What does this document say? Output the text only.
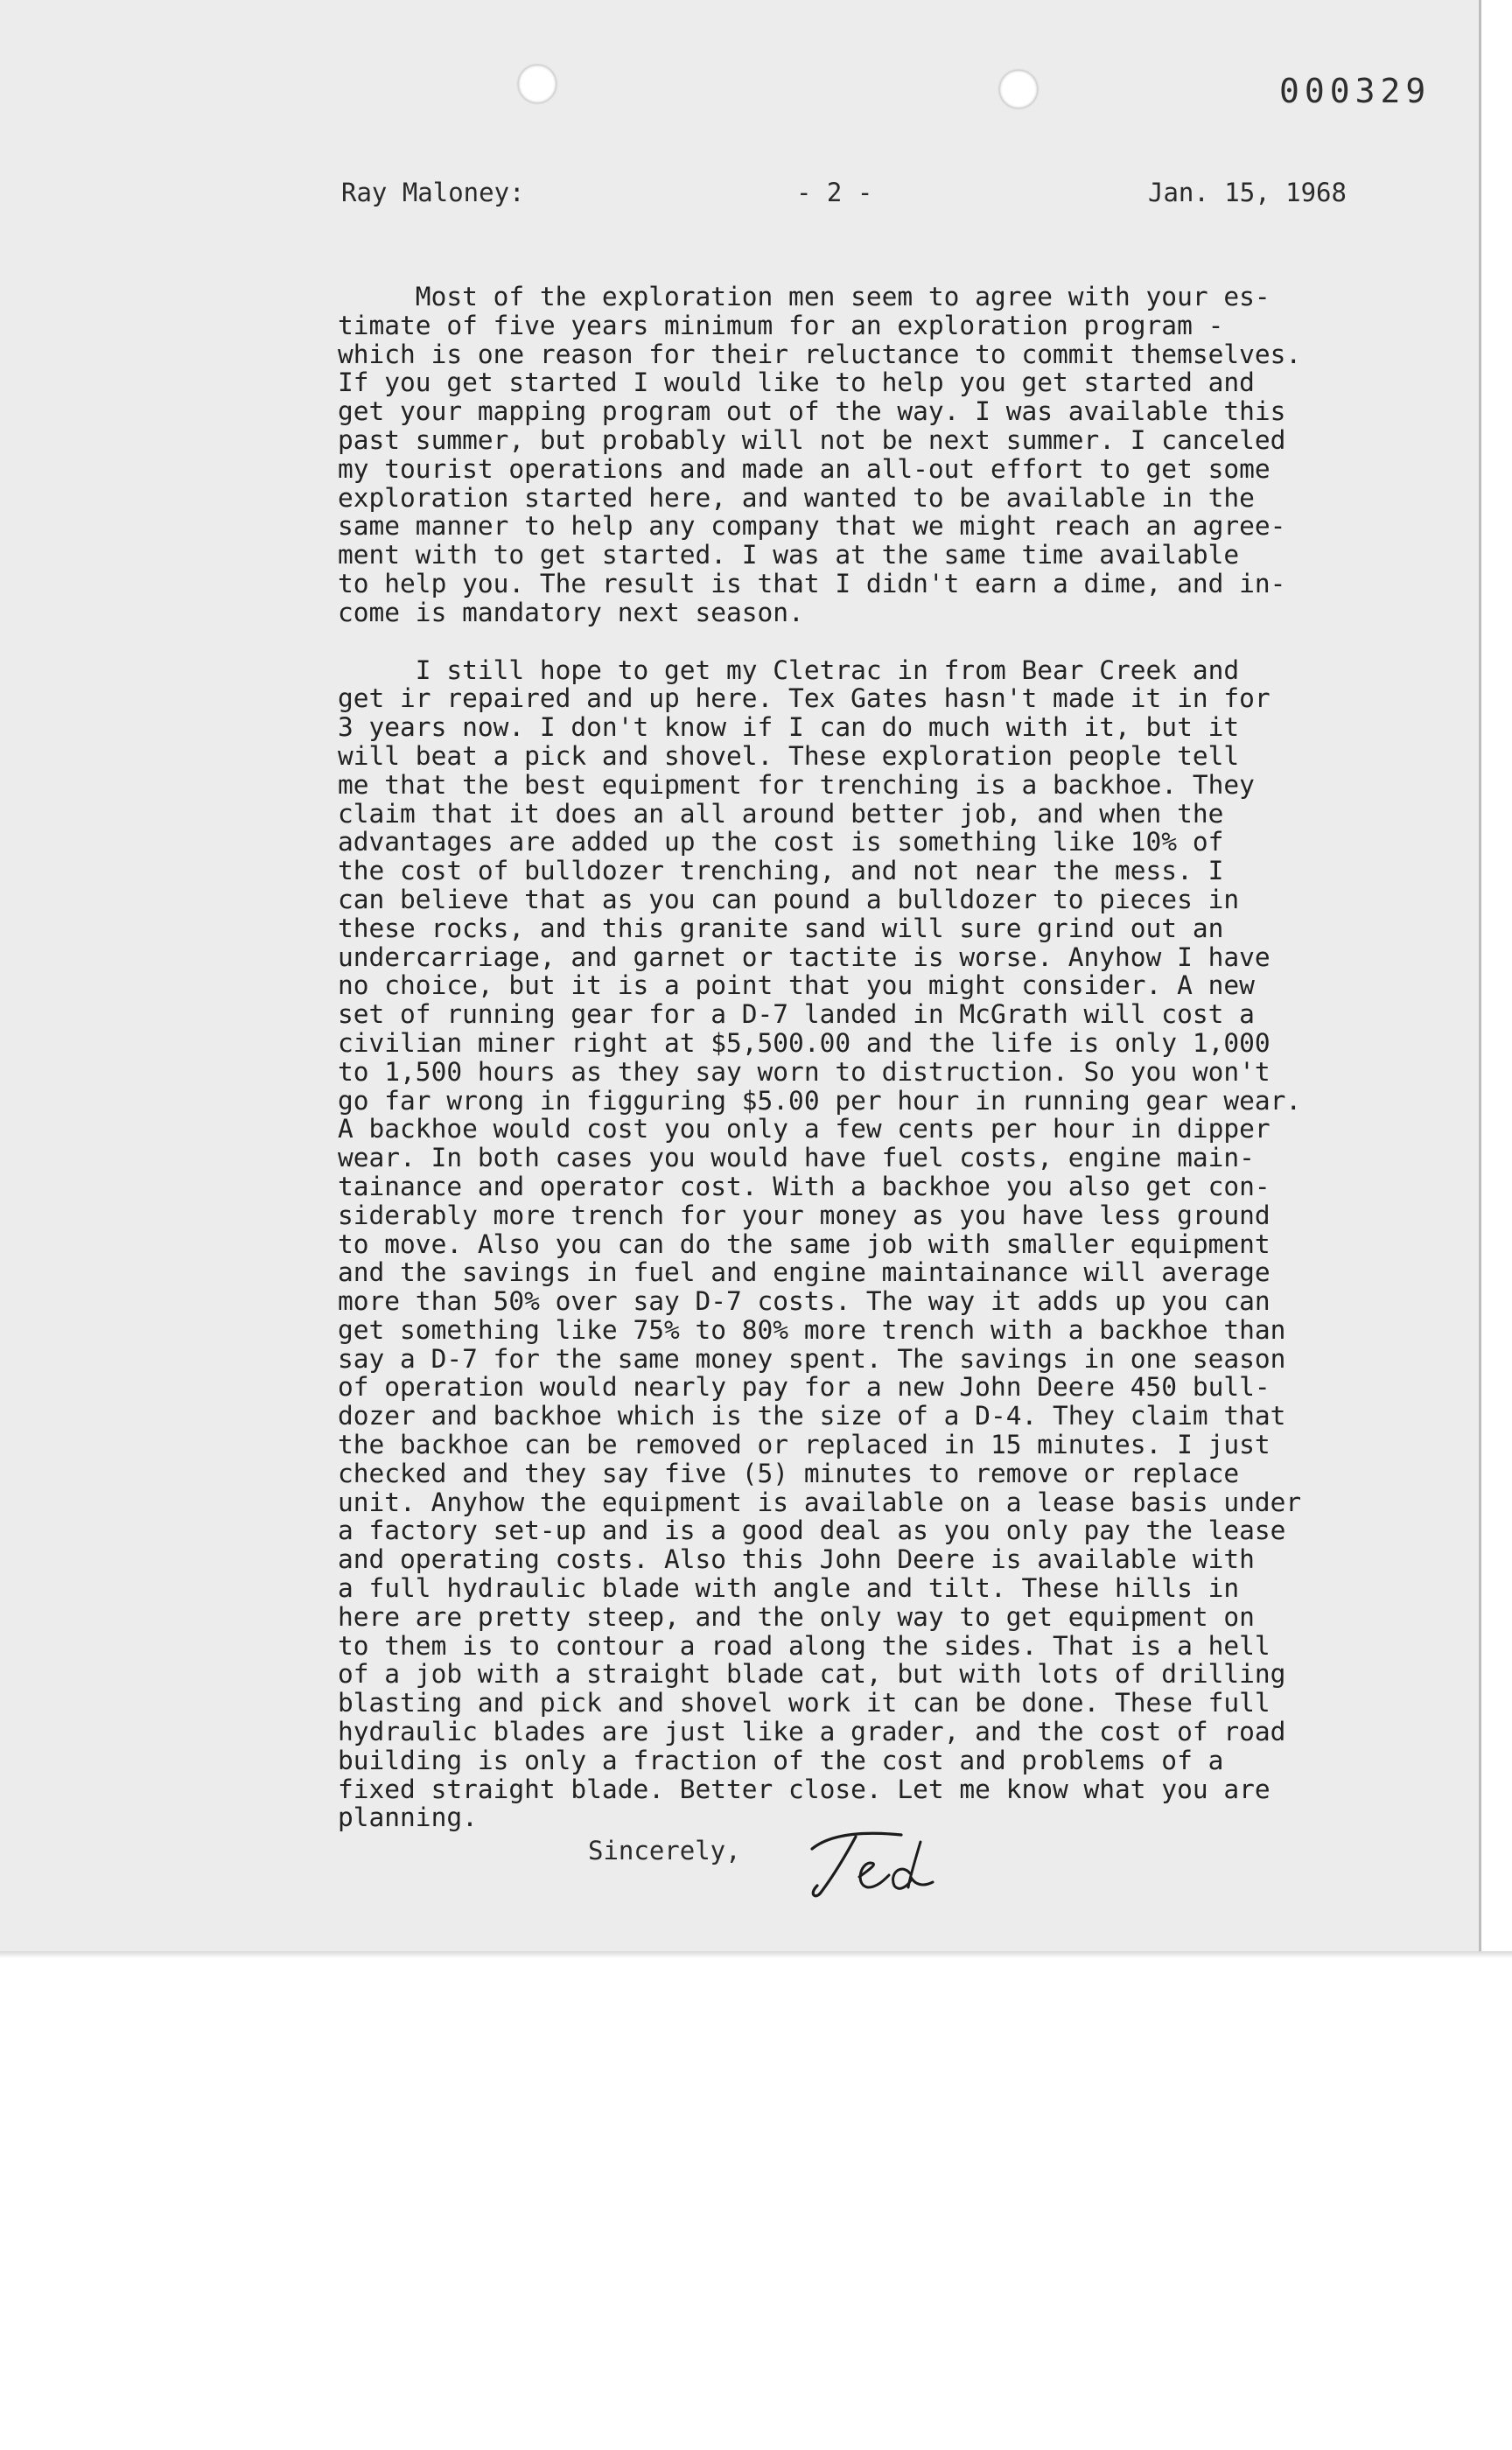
000329
Ray Maloney:	- 2 -	Jan. 15, 1968
Most of the exploration men seem to agree with your es-
timate of five years minimum for an exploration program -
which is one reason for their reluctance to commit themselves.
If you get started I would like to help you get started and
get your mapping program out of the way. I was available this
past summer, but probably will not be next summer. I canceled
my tourist operations and made an all-out effort to get some
exploration started here, and wanted to be available in the
same manner to help any company that we might reach an agree-
ment with to get started. I was at the same time available
to help you. The result is that I didn't earn a dime, and in-
come is mandatory next season.
I still hope to get my Cletrac in from Bear Creek and
get ir repaired and up here. Tex Gates hasn't made it in for
3 years now. I don't know if I can do much with it, but it
will beat a pick and shovel. These exploration people tell
me that the best equipment for trenching is a backhoe. They
claim that it does an all around better job, and when the
advantages are added up the cost is something like 10% of
the cost of bulldozer trenching, and not near the mess. I
can believe that as you can pound a bulldozer to pieces in
these rocks, and this granite sand will sure grind out an
undercarriage, and garnet or tactite is worse. Anyhow I have
no choice, but it is a point that you might consider. A new
set of running gear for a D-7 landed in McGrath will cost a
civilian miner right at $5,500.00 and the life is only 1,000
to 1,500 hours as they say worn to distruction. So you won't
go far wrong in figguring $5.00 per hour in running gear wear.
A backhoe would cost you only a few cents per hour in dipper
wear. In both cases you would have fuel costs, engine main-
tainance and operator cost. With a backhoe you also get con-
siderably more trench for your money as you have less ground
to move. Also you can do the same job with smaller equipment
and the savings in fuel and engine maintainance will average
more than 50% over say D-7 costs. The way it adds up you can
get something like 75% to 80% more trench with a backhoe than
say a D-7 for the same money spent. The savings in one season
of operation would nearly pay for a new John Deere 450 bull-
dozer and backhoe which is the size of a D-4. They claim that
the backhoe can be removed or replaced in 15 minutes. I just
checked and they say five (5) minutes to remove or replace
unit. Anyhow the equipment is available on a lease basis under
a factory set-up and is a good deal as you only pay the lease
and operating costs. Also this John Deere is available with
a full hydraulic blade with angle and tilt. These hills in
here are pretty steep, and the only way to get equipment on
to them is to contour a road along the sides. That is a hell
of a job with a straight blade cat, but with lots of drilling
blasting and pick and shovel work it can be done. These full
hydraulic blades are just like a grader, and the cost of road
building is only a fraction of the cost and problems of a
fixed straight blade. Better close. Let me know what you are
planning.
Sincerely,
